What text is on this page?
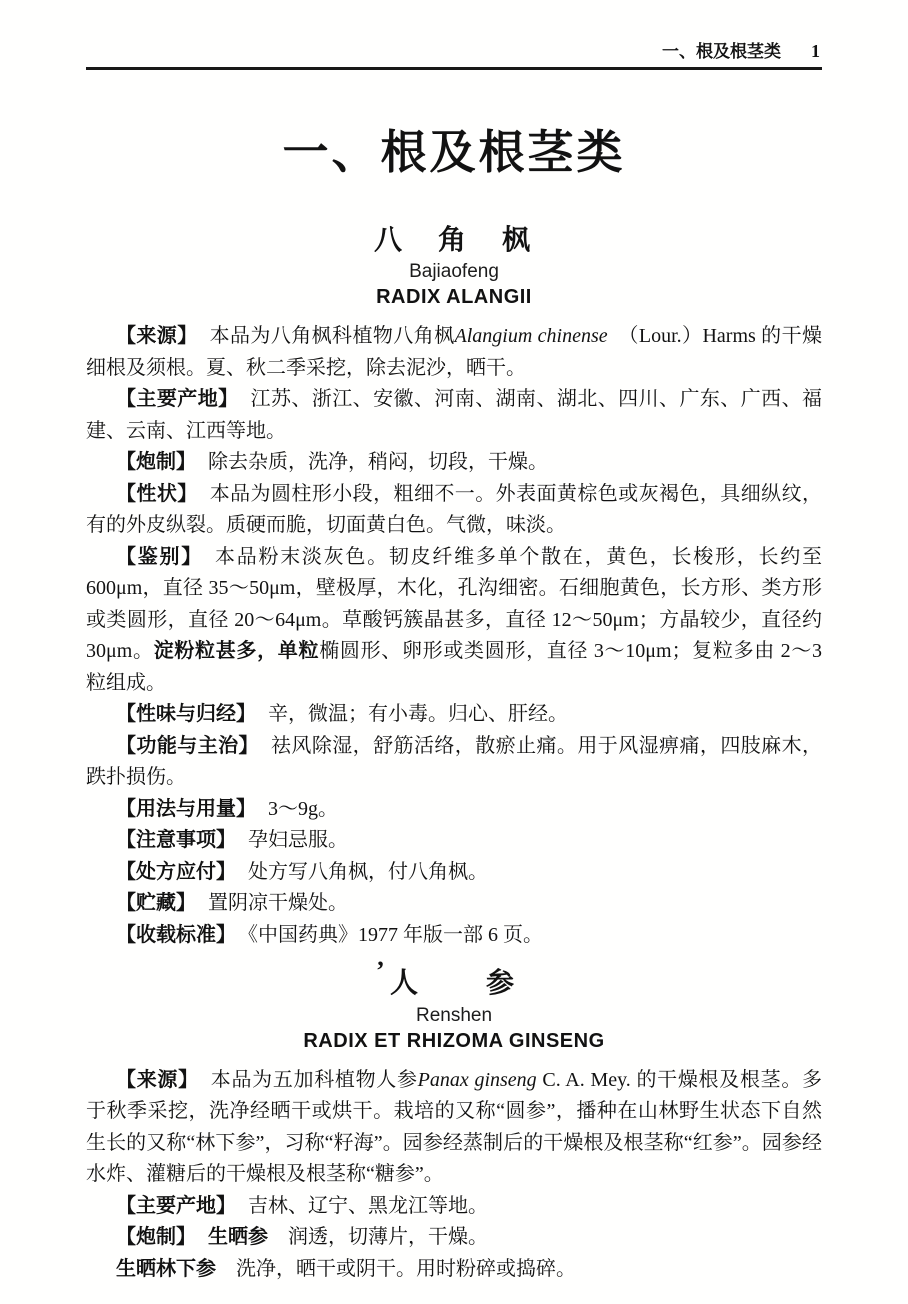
一、根及根茎类 1
一、根及根茎类
八　角　枫
Bajiaofeng
RADIX ALANGII

【来源】 本品为八角枫科植物八角枫Alangium chinense　（Lour.）Harms 的干燥细根及须根。夏、秋二季采挖，除去泥沙，晒干。

【主要产地】 江苏、浙江、安徽、河南、湖南、湖北、四川、广东、广西、福建、云南、江西等地。

【炮制】 除去杂质，洗净，稍闷，切段，干燥。

【性状】 本品为圆柱形小段，粗细不一。外表面黄棕色或灰褐色，具细纵纹，有的外皮纵裂。质硬而脆，切面黄白色。气微，味淡。

【鉴别】 本品粉末淡灰色。韧皮纤维多单个散在，黄色，长梭形，长约至 600μm，直径 35～50μm，壁极厚，木化，孔沟细密。石细胞黄色，长方形、类方形或类圆形，直径 20～64μm。草酸钙簇晶甚多，直径 12～50μm；方晶较少，直径约 30μm。淀粉粒甚多，单粒椭圆形、卵形或类圆形，直径 3～10μm；复粒多由 2～3 粒组成。

【性味与归经】 辛，微温；有小毒。归心、肝经。

【功能与主治】 祛风除湿，舒筋活络，散瘀止痛。用于风湿痹痛，四肢麻木，跌扑损伤。

【用法与用量】 3～9g。

【注意事项】 孕妇忌服。

【处方应付】 处方写八角枫，付八角枫。

【贮藏】 置阴凉干燥处。

【收载标准】 《中国药典》1977 年版一部 6 页。

’ 人　　参
Renshen
RADIX ET RHIZOMA GINSENG

【来源】 本品为五加科植物人参Panax ginseng C. A. Mey. 的干燥根及根茎。多于秋季采挖，洗净经晒干或烘干。栽培的又称“圆参”，播种在山林野生状态下自然生长的又称“林下参”，习称“籽海”。园参经蒸制后的干燥根及根茎称“红参”。园参经水炸、灌糖后的干燥根及根茎称“糖参”。

【主要产地】 吉林、辽宁、黑龙江等地。

【炮制】 生晒参　润透，切薄片，干燥。

生晒林下参　洗净，晒干或阴干。用时粉碎或捣碎。
